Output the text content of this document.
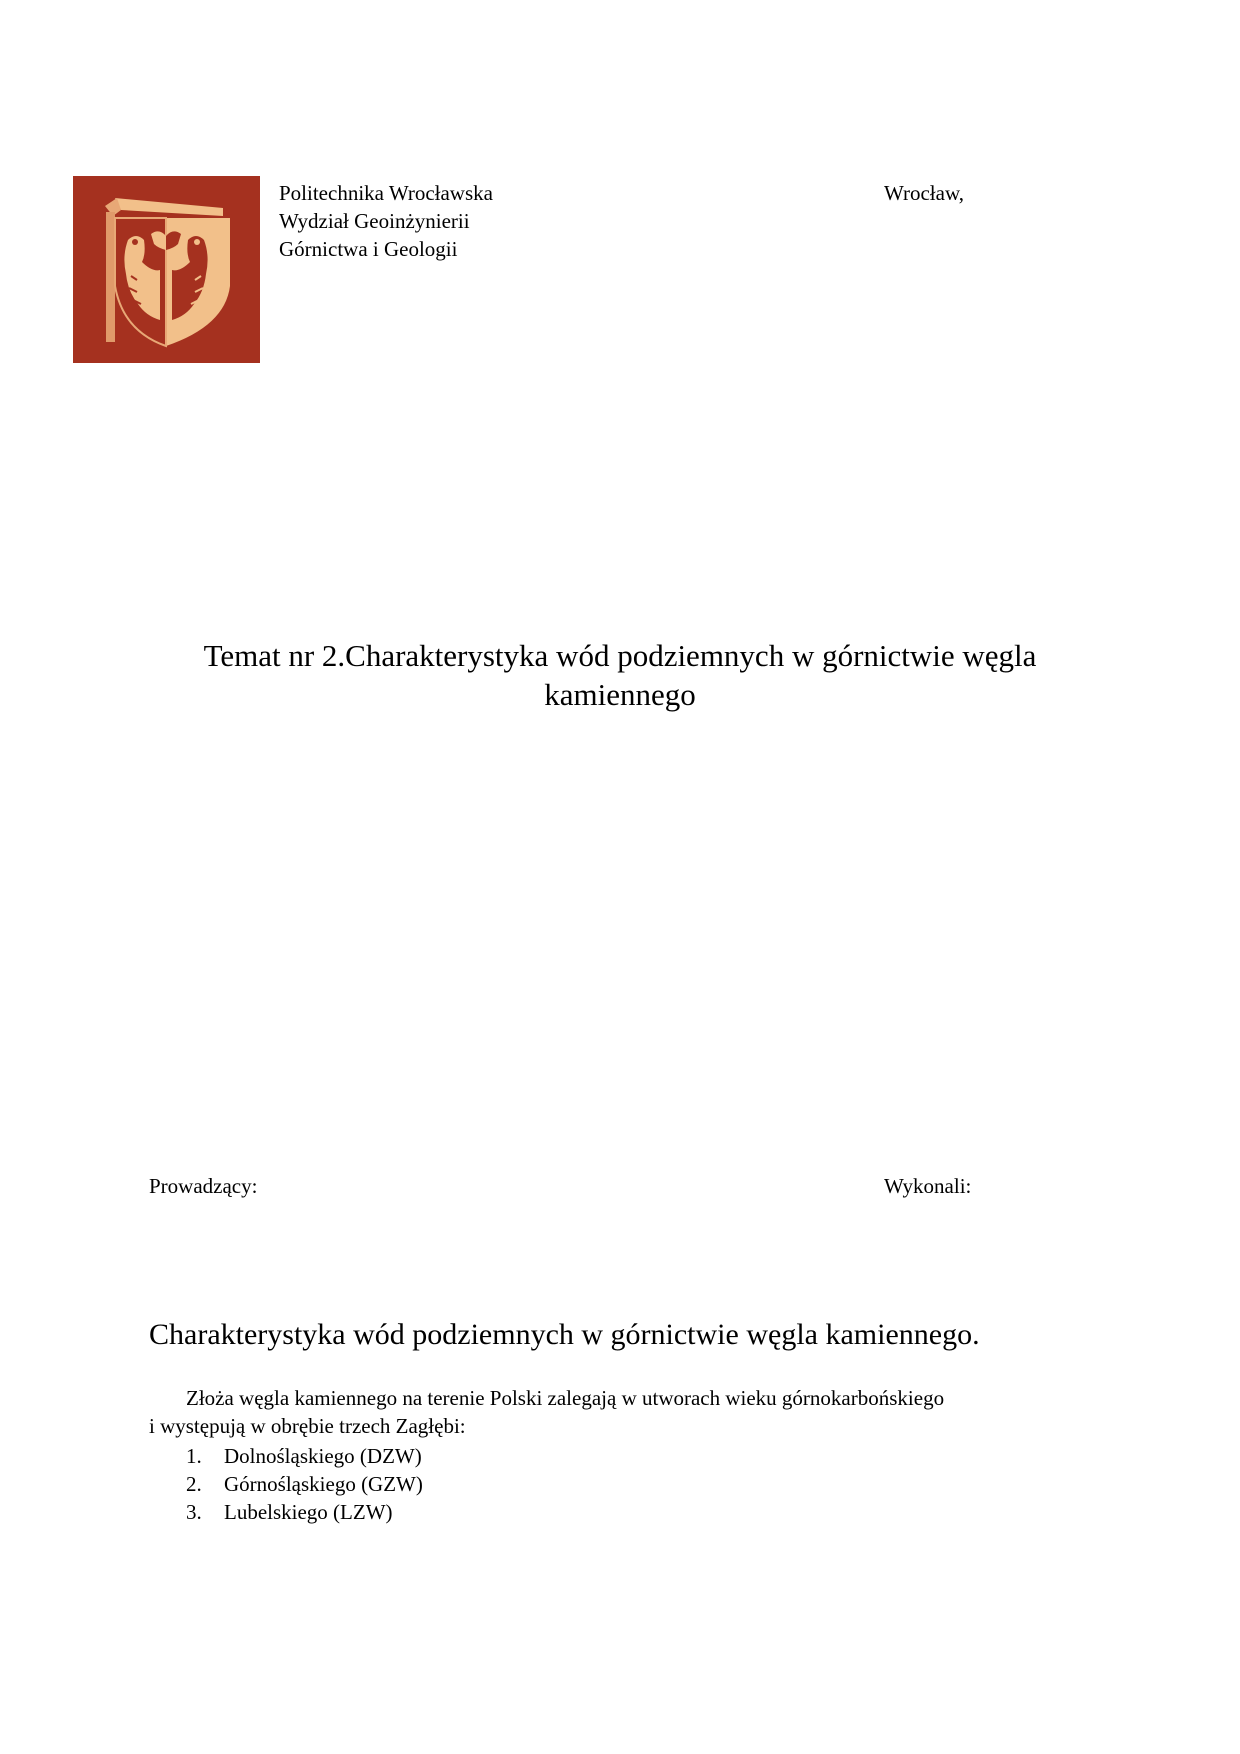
Politechnika Wrocławska
Wydział Geoinżynierii
Górnictwa i Geologii
Wrocław,
Temat nr 2.Charakterystyka wód podziemnych w górnictwie węgla
kamiennego
Prowadzący:	Wykonali:
Charakterystyka wód podziemnych w górnictwie węgla kamiennego.
Złoża węgla kamiennego na terenie Polski zalegają w utworach wieku górnokarbońskiego
i występują w obrębie trzech Zagłębi:
1.	Dolnośląskiego (DZW)
2.	Górnośląskiego (GZW)
3.	Lubelskiego (LZW)
